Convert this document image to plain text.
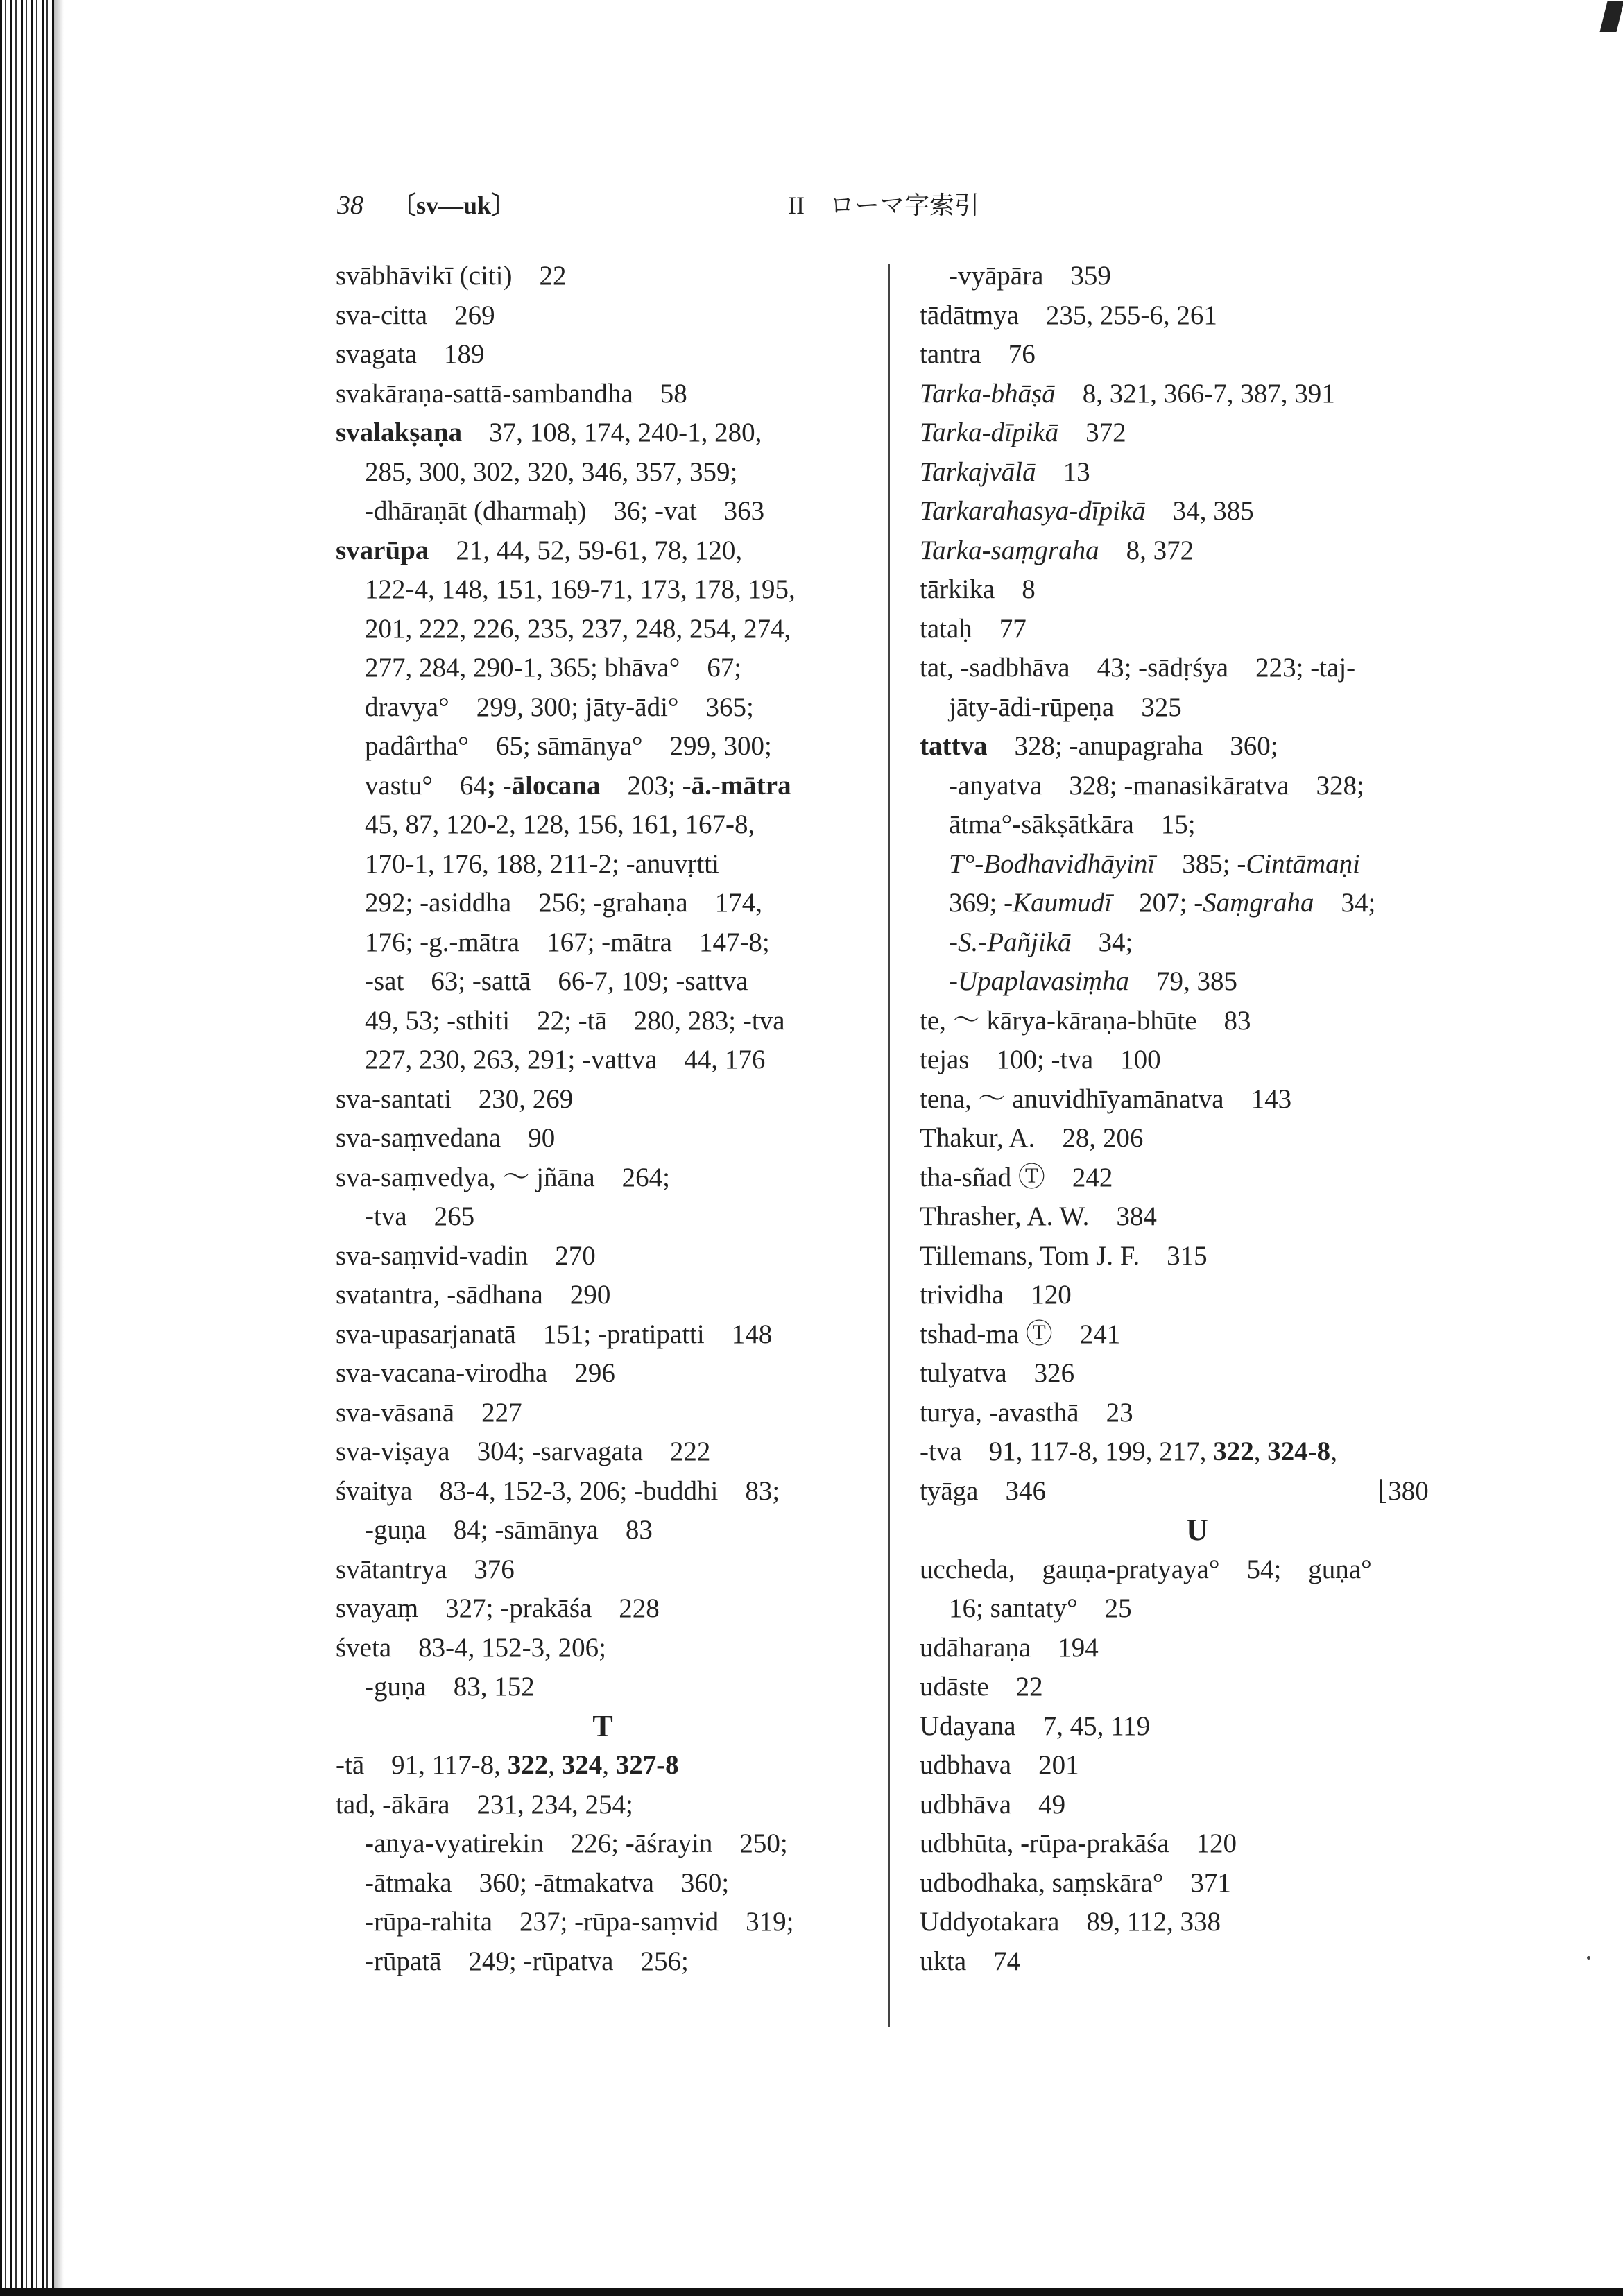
38 〔sv—uk〕	II　ローマ字索引
svābhāvikī (citi)　22
sva-citta　269
svagata　189
svakāraṇa-sattā-sambandha　58
svalakṣaṇa　37, 108, 174, 240-1, 280,
285, 300, 302, 320, 346, 357, 359;
-dhāraṇāt (dharmaḥ)　36; -vat　363
svarūpa　21, 44, 52, 59-61, 78, 120,
122-4, 148, 151, 169-71, 173, 178, 195,
201, 222, 226, 235, 237, 248, 254, 274,
277, 284, 290-1, 365; bhāva°　67;
dravya°　299, 300; jāty-ādi°　365;
padârtha°　65; sāmānya°　299, 300;
vastu°　64; -ālocana　203; -ā.-mātra
45, 87, 120-2, 128, 156, 161, 167-8,
170-1, 176, 188, 211-2; -anuvṛtti
292; -asiddha　256; -grahaṇa　174,
176; -g.-mātra　167; -mātra　147-8;
-sat　63; -sattā　66-7, 109; -sattva
49, 53; -sthiti　22; -tā　280, 283; -tva
227, 230, 263, 291; -vattva　44, 176
sva-santati　230, 269
sva-saṃvedana　90
sva-saṃvedya, ～ jñāna　264;
-tva　265
sva-saṃvid-vadin　270
svatantra, -sādhana　290
sva-upasarjanatā　151; -pratipatti　148
sva-vacana-virodha　296
sva-vāsanā　227
sva-viṣaya　304; -sarvagata　222
śvaitya　83-4, 152-3, 206; -buddhi　83;
-guṇa　84; -sāmānya　83
svātantrya　376
svayaṃ　327; -prakāśa　228
śveta　83-4, 152-3, 206;
-guṇa　83, 152
T
-tā　91, 117-8, 322, 324, 327-8
tad, -ākāra　231, 234, 254;
-anya-vyatirekin　226; -āśrayin　250;
-ātmaka　360; -ātmakatva　360;
-rūpa-rahita　237; -rūpa-saṃvid　319;
-rūpatā　249; -rūpatva　256;
-vyāpāra　359
tādātmya　235, 255-6, 261
tantra　76
Tarka-bhāṣā　8, 321, 366-7, 387, 391
Tarka-dīpikā　372
Tarkajvālā　13
Tarkarahasya-dīpikā　34, 385
Tarka-saṃgraha　8, 372
tārkika　8
tataḥ　77
tat, -sadbhāva　43; -sādṛśya　223; -taj-
jāty-ādi-rūpeṇa　325
tattva　328; -anupagraha　360;
-anyatva　328; -manasikāratva　328;
ātma°-sākṣātkāra　15;
T°-Bodhavidhāyinī　385; -Cintāmaṇi
369; -Kaumudī　207; -Saṃgraha　34;
-S.-Pañjikā　34;
-Upaplavasiṃha　79, 385
te, ～ kārya-kāraṇa-bhūte　83
tejas　100; -tva　100
tena, ～ anuvidhīyamānatva　143
Thakur, A.　28, 206
tha-sñad Ⓣ　242
Thrasher, A. W.　384
Tillemans, Tom J. F.　315
trividha　120
tshad-ma Ⓣ　241
tulyatva　326
turya, -avasthā　23
-tva　91, 117-8, 199, 217, 322, 324-8,
tyāga　346	⌊380
U
uccheda,　gauṇa-pratyaya°　54;　guṇa°
16; santaty°　25
udāharaṇa　194
udāste　22
Udayana　7, 45, 119
udbhava　201
udbhāva　49
udbhūta, -rūpa-prakāśa　120
udbodhaka, saṃskāra°　371
Uddyotakara　89, 112, 338
ukta　74
